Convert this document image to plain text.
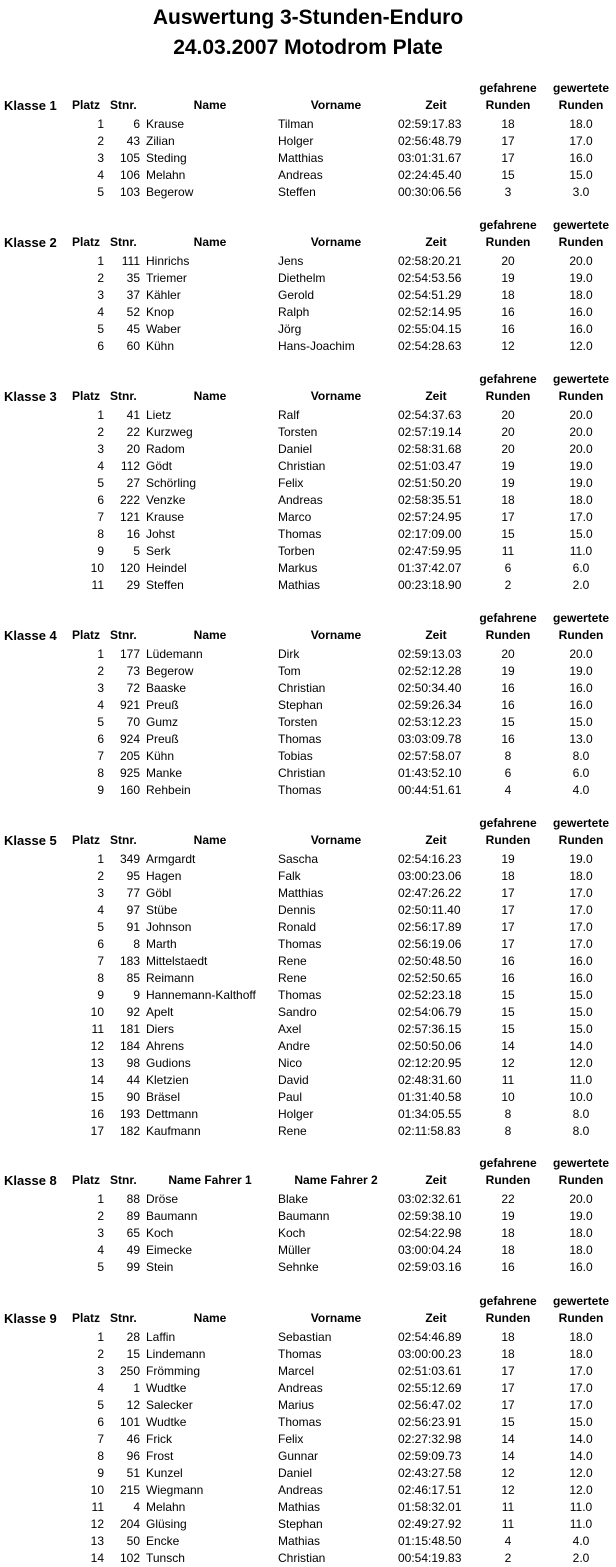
Auswertung 3-Stunden-Enduro
24.03.2007 Motodrom Plate
gefahrene	gewertete
Klasse 1 Platz Stnr.	Name	Vorname	Zeit	Runden	Runden
1	6 Krause	Tilman	02:59:17.83	18	18.0
2	43 Zilian	Holger	02:56:48.79	17	17.0
3	105 Steding	Matthias	03:01:31.67	17	16.0
4	106 Melahn	Andreas	02:24:45.40	15	15.0
5	103 Begerow	Steffen	00:30:06.56	3	3.0
gefahrene	gewertete
Klasse 2 Platz Stnr.	Name	Vorname	Zeit	Runden	Runden
1	111 Hinrichs	Jens	02:58:20.21	20	20.0
2	35 Triemer	Diethelm	02:54:53.56	19	19.0
3	37 Kähler	Gerold	02:54:51.29	18	18.0
4	52 Knop	Ralph	02:52:14.95	16	16.0
5	45 Waber	Jörg	02:55:04.15	16	16.0
6	60 Kühn	Hans-Joachim	02:54:28.63	12	12.0
gefahrene	gewertete
Klasse 3 Platz Stnr.	Name	Vorname	Zeit	Runden	Runden
1	41 Lietz	Ralf	02:54:37.63	20	20.0
2	22 Kurzweg	Torsten	02:57:19.14	20	20.0
3	20 Radom	Daniel	02:58:31.68	20	20.0
4	112 Gödt	Christian	02:51:03.47	19	19.0
5	27 Schörling	Felix	02:51:50.20	19	19.0
6	222 Venzke	Andreas	02:58:35.51	18	18.0
7	121 Krause	Marco	02:57:24.95	17	17.0
8	16 Johst	Thomas	02:17:09.00	15	15.0
9	5 Serk	Torben	02:47:59.95	11	11.0
10	120 Heindel	Markus	01:37:42.07	6	6.0
11	29 Steffen	Mathias	00:23:18.90	2	2.0
gefahrene	gewertete
Klasse 4 Platz Stnr.	Name	Vorname	Zeit	Runden	Runden
1	177 Lüdemann	Dirk	02:59:13.03	20	20.0
2	73 Begerow	Tom	02:52:12.28	19	19.0
3	72 Baaske	Christian	02:50:34.40	16	16.0
4	921 Preuß	Stephan	02:59:26.34	16	16.0
5	70 Gumz	Torsten	02:53:12.23	15	15.0
6	924 Preuß	Thomas	03:03:09.78	16	13.0
7	205 Kühn	Tobias	02:57:58.07	8	8.0
8	925 Manke	Christian	01:43:52.10	6	6.0
9	160 Rehbein	Thomas	00:44:51.61	4	4.0
gefahrene	gewertete
Klasse 5 Platz Stnr.	Name	Vorname	Zeit	Runden	Runden
1	349 Armgardt	Sascha	02:54:16.23	19	19.0
2	95 Hagen	Falk	03:00:23.06	18	18.0
3	77 Göbl	Matthias	02:47:26.22	17	17.0
4	97 Stübe	Dennis	02:50:11.40	17	17.0
5	91 Johnson	Ronald	02:56:17.89	17	17.0
6	8 Marth	Thomas	02:56:19.06	17	17.0
7	183 Mittelstaedt	Rene	02:50:48.50	16	16.0
8	85 Reimann	Rene	02:52:50.65	16	16.0
9	9 Hannemann-Kalthoff Thomas	02:52:23.18	15	15.0
10	92 Apelt	Sandro	02:54:06.79	15	15.0
11	181 Diers	Axel	02:57:36.15	15	15.0
12	184 Ahrens	Andre	02:50:50.06	14	14.0
13	98 Gudions	Nico	02:12:20.95	12	12.0
14	44 Kletzien	David	02:48:31.60	11	11.0
15	90 Bräsel	Paul	01:31:40.58	10	10.0
16	193 Dettmann	Holger	01:34:05.55	8	8.0
17	182 Kaufmann	Rene	02:11:58.83	8	8.0
gefahrene	gewertete
Klasse 8 Platz Stnr.	Name Fahrer 1	Name Fahrer 2	Zeit	Runden	Runden
1	88 Dröse	Blake	03:02:32.61	22	20.0
2	89 Baumann	Baumann	02:59:38.10	19	19.0
3	65 Koch	Koch	02:54:22.98	18	18.0
4	49 Eimecke	Müller	03:00:04.24	18	18.0
5	99 Stein	Sehnke	02:59:03.16	16	16.0
gefahrene	gewertete
Klasse 9 Platz Stnr.	Name	Vorname	Zeit	Runden	Runden
1	28 Laffin	Sebastian	02:54:46.89	18	18.0
2	15 Lindemann	Thomas	03:00:00.23	18	18.0
3	250 Frömming	Marcel	02:51:03.61	17	17.0
4	1 Wudtke	Andreas	02:55:12.69	17	17.0
5	12 Salecker	Marius	02:56:47.02	17	17.0
6	101 Wudtke	Thomas	02:56:23.91	15	15.0
7	46 Frick	Felix	02:27:32.98	14	14.0
8	96 Frost	Gunnar	02:59:09.73	14	14.0
9	51 Kunzel	Daniel	02:43:27.58	12	12.0
10	215 Wiegmann	Andreas	02:46:17.51	12	12.0
11	4 Melahn	Mathias	01:58:32.01	11	11.0
12	204 Glüsing	Stephan	02:49:27.92	11	11.0
13	50 Encke	Mathias	01:15:48.50	4	4.0
14	102 Tunsch	Christian	00:54:19.83	2	2.0
